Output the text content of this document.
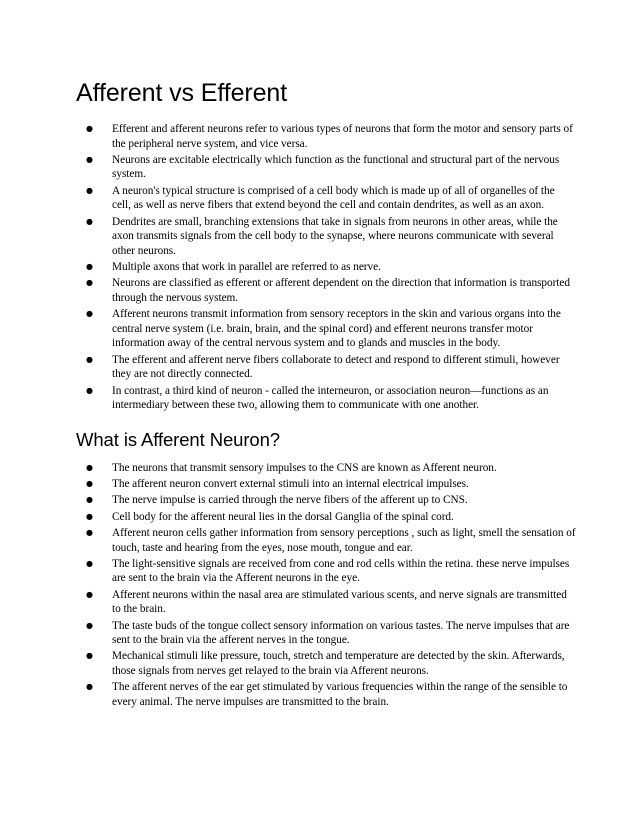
Afferent vs Efferent
● Efferent and afferent neurons refer to various types of neurons that form the motor and sensory parts of the peripheral nerve system, and vice versa.
● Neurons are excitable electrically which function as the functional and structural part of the nervous system.
● A neuron's typical structure is comprised of a cell body which is made up of all of organelles of the cell, as well as nerve fibers that extend beyond the cell and contain dendrites, as well as an axon.
● Dendrites are small, branching extensions that take in signals from neurons in other areas, while the axon transmits signals from the cell body to the synapse, where neurons communicate with several other neurons.
● Multiple axons that work in parallel are referred to as nerve.
● Neurons are classified as efferent or afferent dependent on the direction that information is transported through the nervous system.
● Afferent neurons transmit information from sensory receptors in the skin and various organs into the central nerve system (i.e. brain, brain, and the spinal cord) and efferent neurons transfer motor information away of the central nervous system and to glands and muscles in the body.
● The efferent and afferent nerve fibers collaborate to detect and respond to different stimuli, however they are not directly connected.
● In contrast, a third kind of neuron - called the interneuron, or association neuron—functions as an intermediary between these two, allowing them to communicate with one another.
What is Afferent Neuron?
● The neurons that transmit sensory impulses to the CNS are known as Afferent neuron.
● The afferent neuron convert external stimuli into an internal electrical impulses.
● The nerve impulse is carried through the nerve fibers of the afferent up to CNS.
● Cell body for the afferent neural lies in the dorsal Ganglia of the spinal cord.
● Afferent neuron cells gather information from sensory perceptions , such as light, smell the sensation of touch, taste and hearing from the eyes, nose mouth, tongue and ear.
● The light-sensitive signals are received from cone and rod cells within the retina. these nerve impulses are sent to the brain via the Afferent neurons in the eye.
● Afferent neurons within the nasal area are stimulated various scents, and nerve signals are transmitted to the brain.
● The taste buds of the tongue collect sensory information on various tastes. The nerve impulses that are sent to the brain via the afferent nerves in the tongue.
● Mechanical stimuli like pressure, touch, stretch and temperature are detected by the skin. Afterwards, those signals from nerves get relayed to the brain via Afferent neurons.
● The afferent nerves of the ear get stimulated by various frequencies within the range of the sensible to every animal. The nerve impulses are transmitted to the brain.
